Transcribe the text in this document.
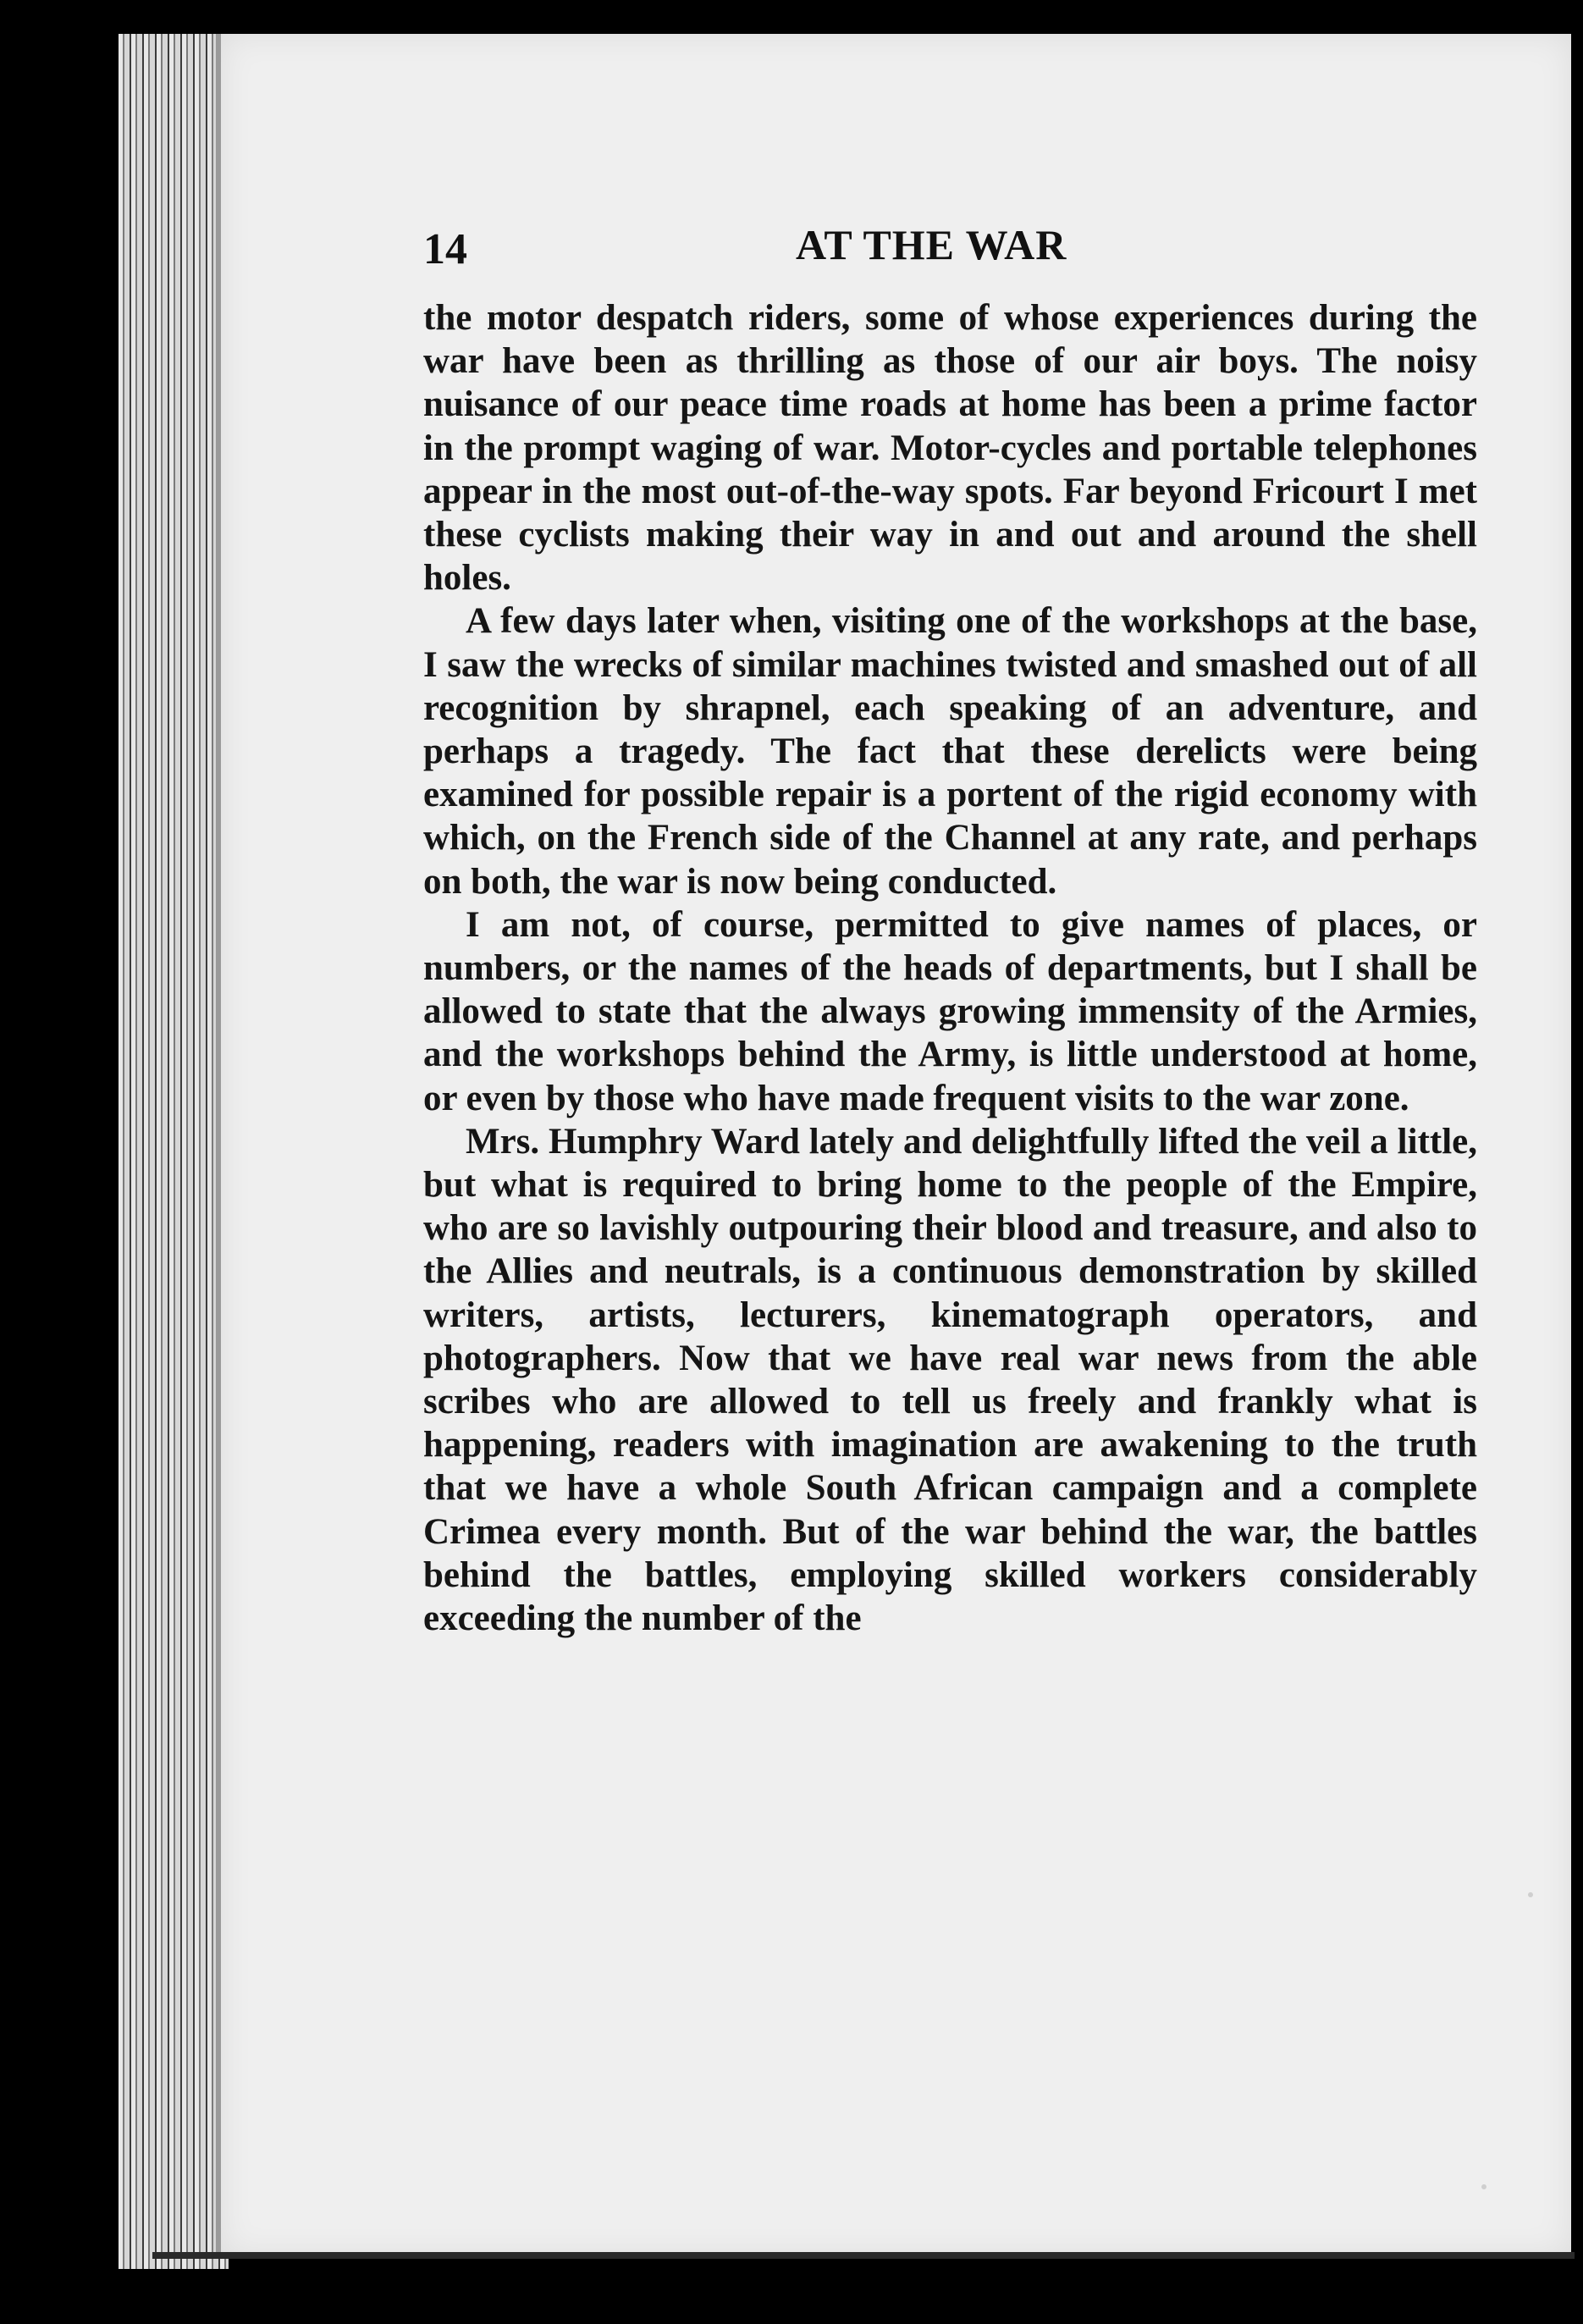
14	AT THE WAR

the motor despatch riders, some of whose experiences during the war have been as thrilling as those of our air boys. The noisy nuisance of our peace time roads at home has been a prime factor in the prompt waging of war. Motor-cycles and portable telephones appear in the most out-of-the-way spots. Far beyond Fricourt I met these cyclists making their way in and out and around the shell holes.

A few days later when, visiting one of the workshops at the base, I saw the wrecks of similar machines twisted and smashed out of all recognition by shrapnel, each speaking of an adventure, and perhaps a tragedy. The fact that these derelicts were being examined for possible repair is a portent of the rigid economy with which, on the French side of the Channel at any rate, and perhaps on both, the war is now being conducted.

I am not, of course, permitted to give names of places, or numbers, or the names of the heads of departments, but I shall be allowed to state that the always growing immensity of the Armies, and the workshops behind the Army, is little understood at home, or even by those who have made frequent visits to the war zone.

Mrs. Humphry Ward lately and delightfully lifted the veil a little, but what is required to bring home to the people of the Empire, who are so lavishly outpouring their blood and treasure, and also to the Allies and neutrals, is a continuous demonstration by skilled writers, artists, lecturers, kinematograph operators, and photographers. Now that we have real war news from the able scribes who are allowed to tell us freely and frankly what is happening, readers with imagination are awakening to the truth that we have a whole South African campaign and a complete Crimea every month. But of the war behind the war, the battles behind the battles, employing skilled workers considerably exceeding the number of the
